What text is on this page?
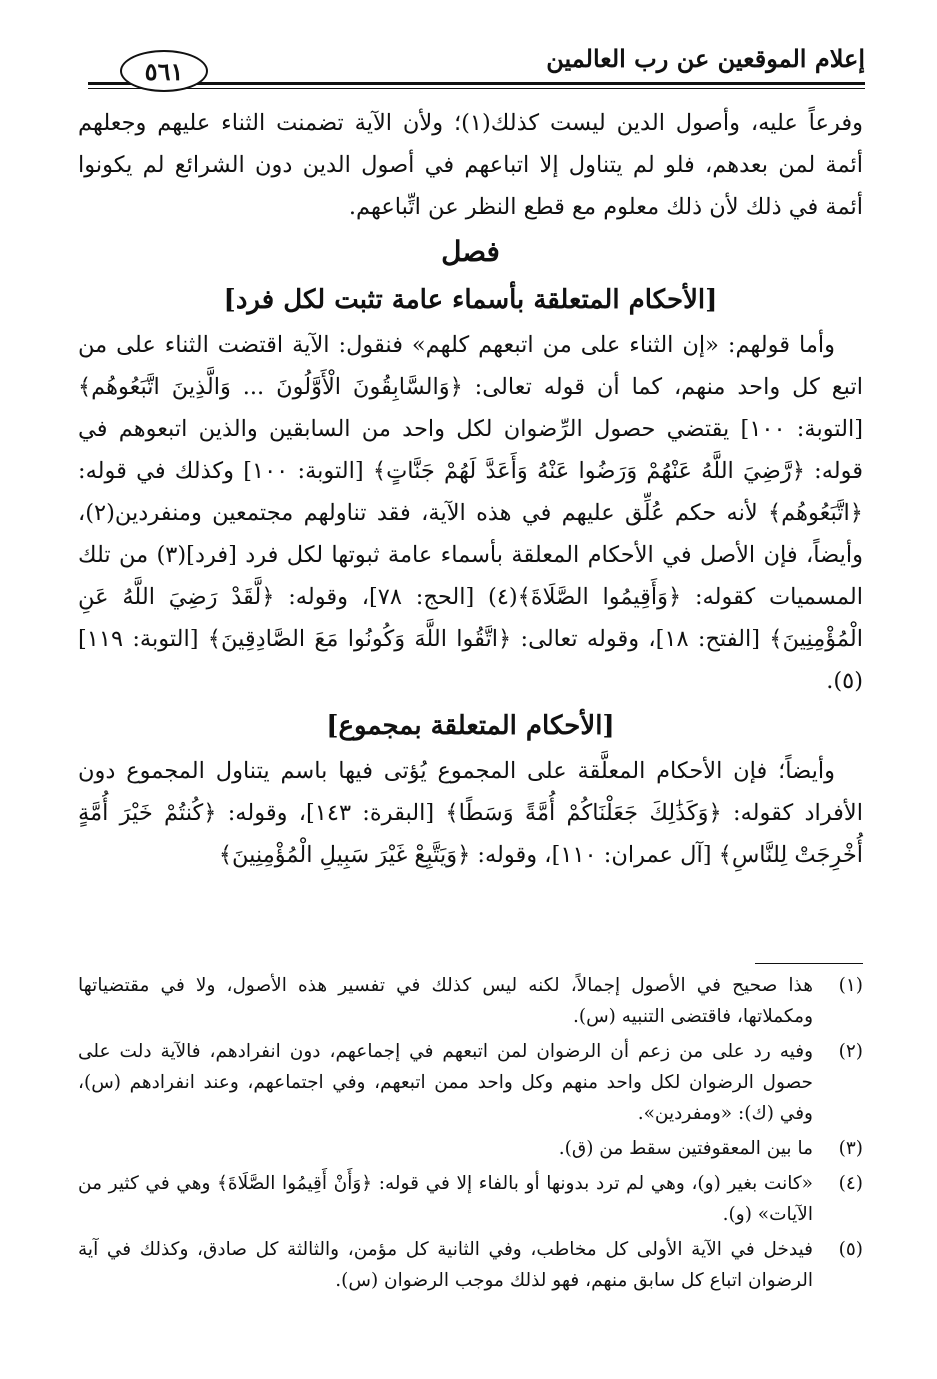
إعلام الموقعين عن رب العالمين
٥٦١

وفرعاً عليه، وأصول الدين ليست كذلك(١)؛ ولأن الآية تضمنت الثناء عليهم وجعلهم أئمة لمن بعدهم، فلو لم يتناول إلا اتباعهم في أصول الدين دون الشرائع لم يكونوا أئمة في ذلك لأن ذلك معلوم مع قطع النظر عن اتِّباعهم.

فصل

[الأحكام المتعلقة بأسماء عامة تثبت لكل فرد]

وأما قولهم: «إن الثناء على من اتبعهم كلهم» فنقول: الآية اقتضت الثناء على من اتبع كل واحد منهم، كما أن قوله تعالى: ﴿وَالسَّابِقُونَ الْأَوَّلُونَ ... وَالَّذِينَ اتَّبَعُوهُم﴾ [التوبة: ١٠٠] يقتضي حصول الرِّضوان لكل واحد من السابقين والذين اتبعوهم في قوله: ﴿رَّضِيَ اللَّهُ عَنْهُمْ وَرَضُوا عَنْهُ وَأَعَدَّ لَهُمْ جَنَّاتٍ﴾ [التوبة: ١٠٠] وكذلك في قوله: ﴿اتَّبَعُوهُم﴾ لأنه حكم عُلِّق عليهم في هذه الآية، فقد تناولهم مجتمعين ومنفردين(٢)، وأيضاً، فإن الأصل في الأحكام المعلقة بأسماء عامة ثبوتها لكل فرد [فرد](٣) من تلك المسميات كقوله: ﴿وَأَقِيمُوا الصَّلَاةَ﴾(٤) [الحج: ٧٨]، وقوله: ﴿لَّقَدْ رَضِيَ اللَّهُ عَنِ الْمُؤْمِنِينَ﴾ [الفتح: ١٨]، وقوله تعالى: ﴿اتَّقُوا اللَّهَ وَكُونُوا مَعَ الصَّادِقِينَ﴾ [التوبة: ١١٩](٥).

[الأحكام المتعلقة بمجموع]

وأيضاً؛ فإن الأحكام المعلَّقة على المجموع يُؤتى فيها باسم يتناول المجموع دون الأفراد كقوله: ﴿وَكَذَٰلِكَ جَعَلْنَاكُمْ أُمَّةً وَسَطًا﴾ [البقرة: ١٤٣]، وقوله: ﴿كُنتُمْ خَيْرَ أُمَّةٍ أُخْرِجَتْ لِلنَّاسِ﴾ [آل عمران: ١١٠]، وقوله: ﴿وَيَتَّبِعْ غَيْرَ سَبِيلِ الْمُؤْمِنِينَ﴾

(١)
هذا صحيح في الأصول إجمالاً، لكنه ليس كذلك في تفسير هذه الأصول، ولا في مقتضياتها ومكملاتها، فاقتضى التنبيه (س).
(٢)
وفيه رد على من زعم أن الرضوان لمن اتبعهم في إجماعهم، دون انفرادهم، فالآية دلت على حصول الرضوان لكل واحد منهم وكل واحد ممن اتبعهم، وفي اجتماعهم، وعند انفرادهم (س)، وفي (ك): «ومفردين».
(٣)
ما بين المعقوفتين سقط من (ق).
(٤)
«كانت بغير (و)، وهي لم ترد بدونها أو بالفاء إلا في قوله: ﴿وَأَنْ أَقِيمُوا الصَّلَاةَ﴾ وهي في كثير من الآيات» (و).
(٥)
فيدخل في الآية الأولى كل مخاطب، وفي الثانية كل مؤمن، والثالثة كل صادق، وكذلك في آية الرضوان اتباع كل سابق منهم، فهو لذلك موجب الرضوان (س).
